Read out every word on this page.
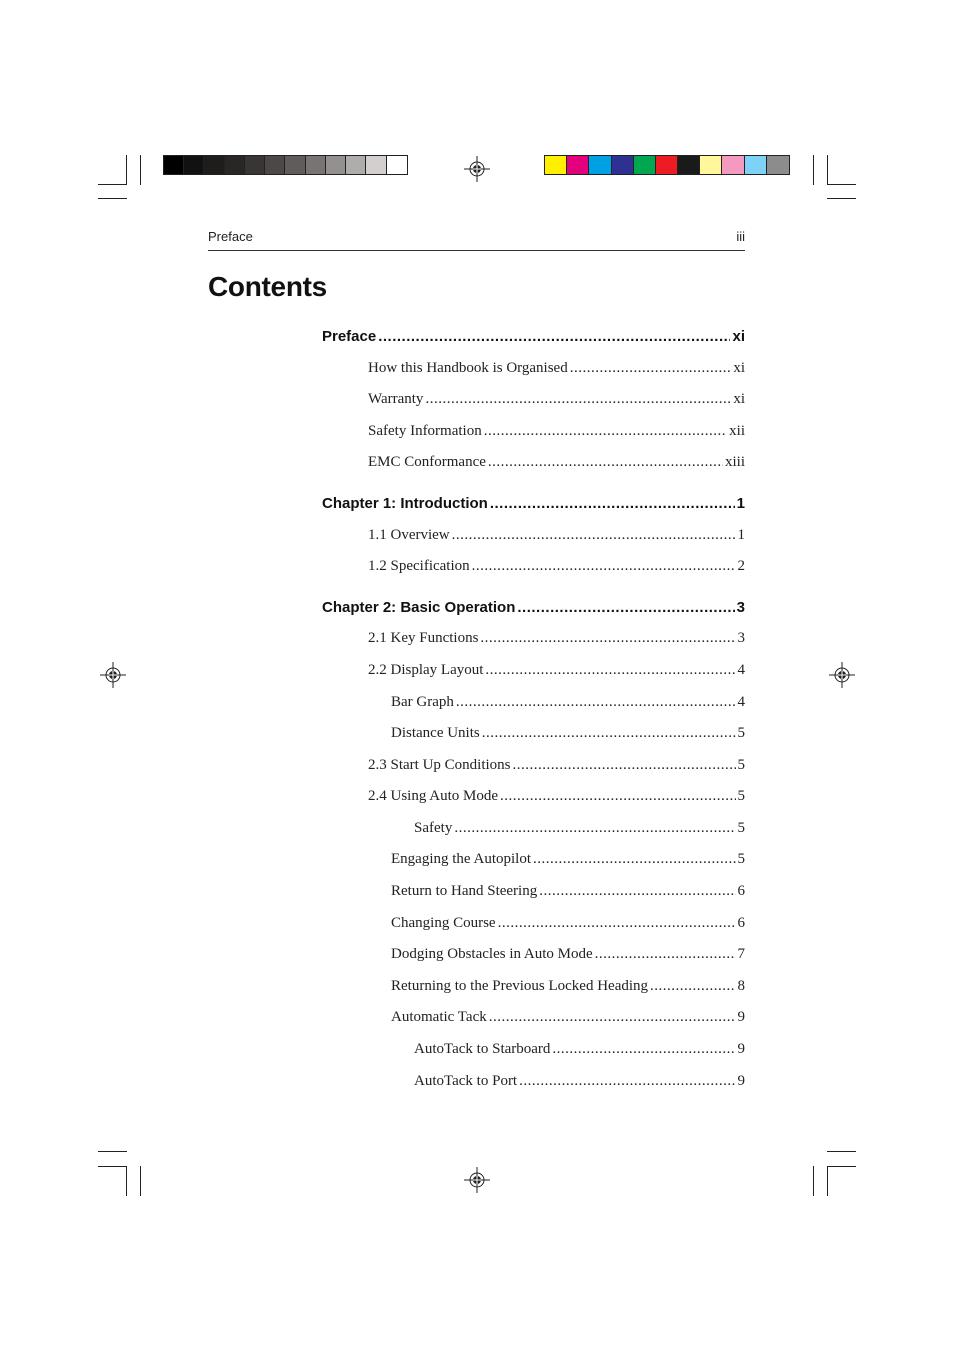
Preface	iii
Contents
Preface .....	xi
How this Handbook is Organised .....	xi
Warranty .....	xi
Safety Information .....	xii
EMC Conformance .....	xiii
Chapter 1: Introduction .....	1
1.1 Overview .....	1
1.2 Specification .....	2
Chapter 2: Basic Operation .....	3
2.1 Key Functions .....	3
2.2 Display Layout .....	4
Bar Graph .....	4
Distance Units .....	5
2.3 Start Up Conditions .....	5
2.4 Using Auto Mode .....	5
Safety .....	5
Engaging the Autopilot .....	5
Return to Hand Steering .....	6
Changing Course .....	6
Dodging Obstacles in Auto Mode .....	7
Returning to the Previous Locked Heading .....	8
Automatic Tack .....	9
AutoTack to Starboard .....	9
AutoTack to Port .....	9
